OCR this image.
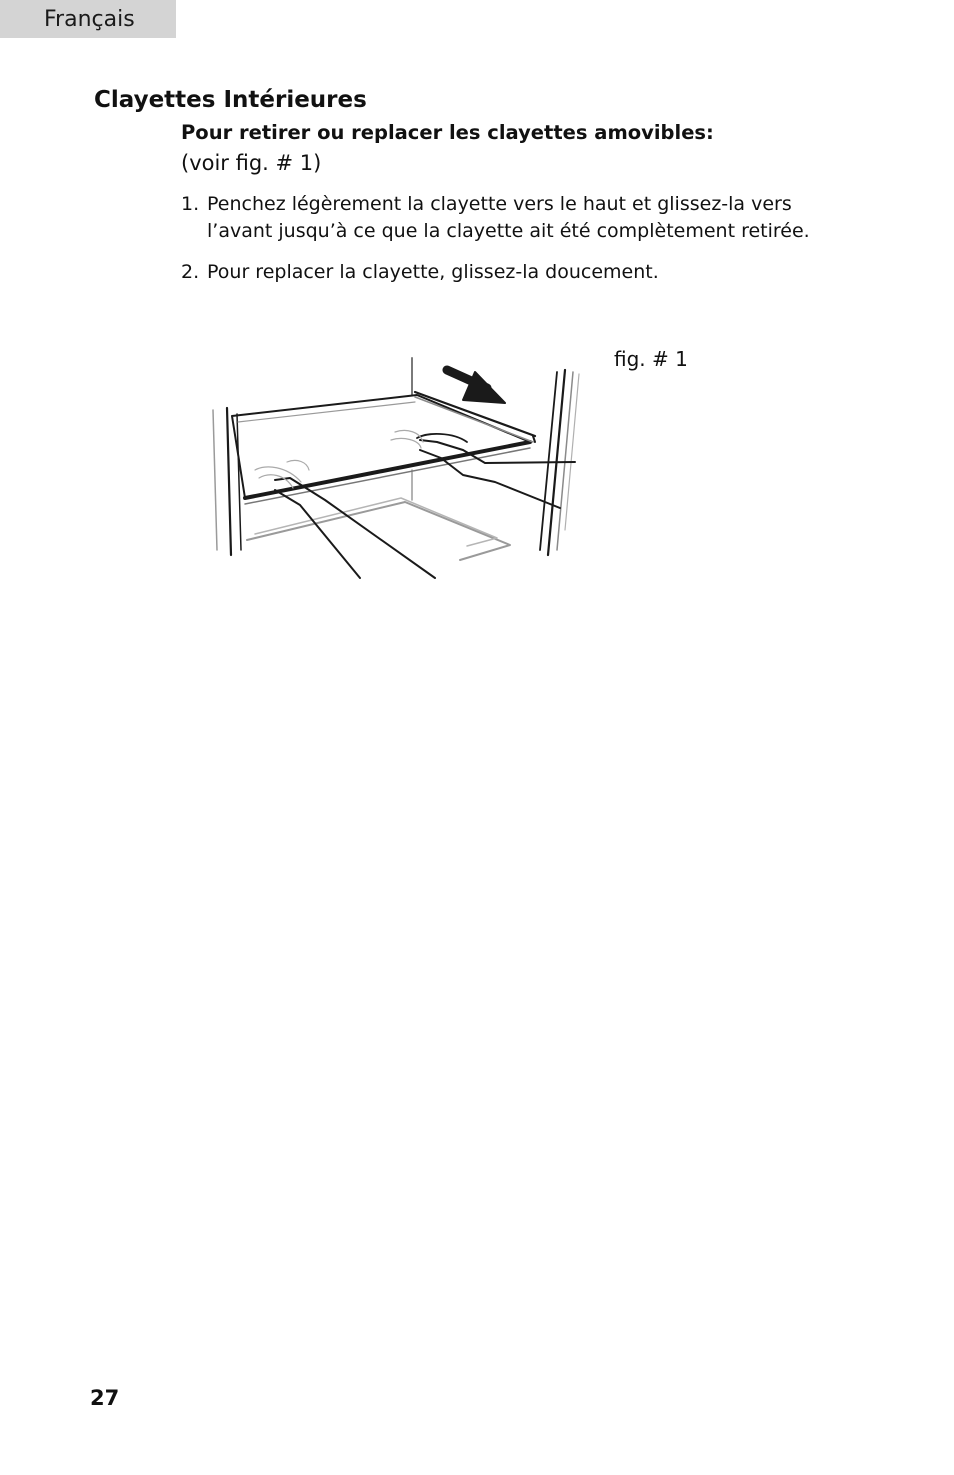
Français
Clayettes Intérieures

Pour retirer ou replacer les clayettes amovibles:

(voir fig. # 1)

1. Penchez légèrement la clayette vers le haut et glissez-la vers l’avant jusqu’à ce que la clayette ait été complètement retirée.
2. Pour replacer la clayette, glissez-la doucement.
fig. # 1
27
